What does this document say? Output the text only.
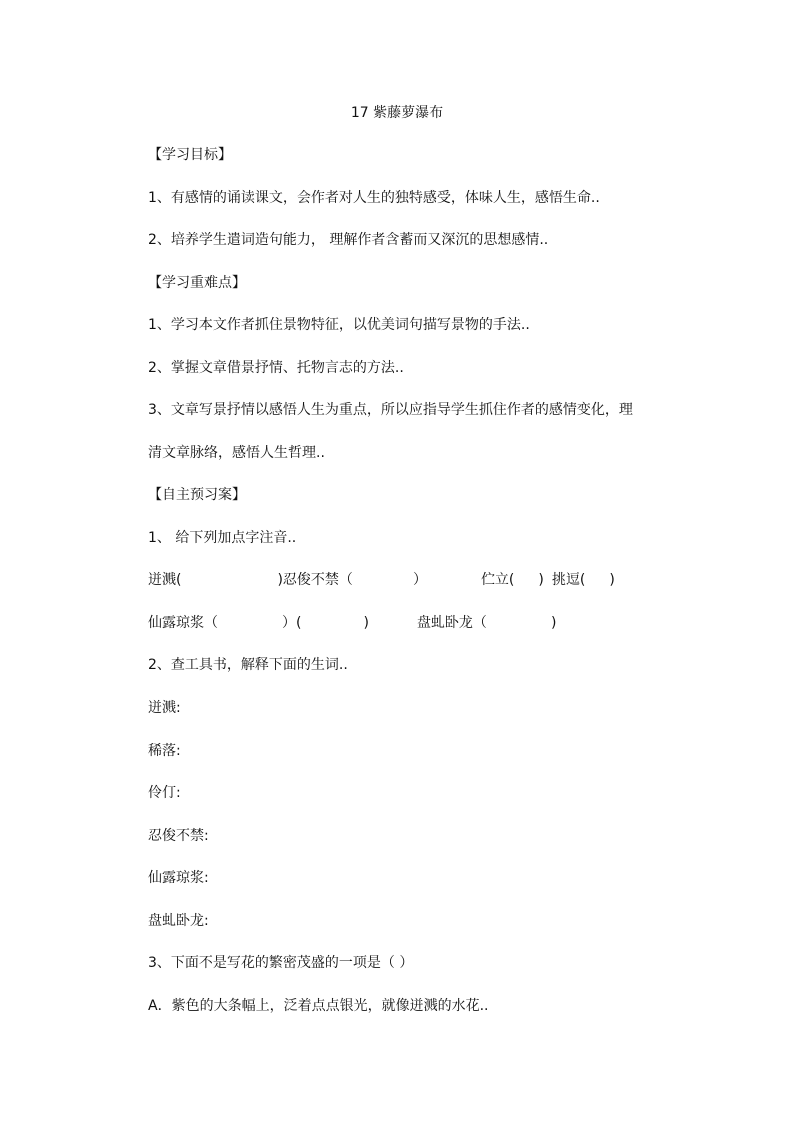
17 紫藤萝瀑布
【学习目标】
1、有感情的诵读课文，会作者对人生的独特感受，体味人生，感悟生命..
2、培养学生遣词造句能力， 理解作者含蓄而又深沉的思想感情..
【学习重难点】
1、学习本文作者抓住景物特征，以优美词句描写景物的手法..
2、掌握文章借景抒情、托物言志的方法..
3、文章写景抒情以感悟人生为重点，所以应指导学生抓住作者的感情变化，理
清文章脉络，感悟人生哲理..
【自主预习案】
1、 给下列加点字注音..
迸溅(	)忍俊不禁（	）	伫立( ) 挑逗( )
仙露琼浆（	）(	)	盘虬卧龙（	)
2、查工具书，解释下面的生词..
迸溅:
稀落:
伶仃:
忍俊不禁:
仙露琼浆:
盘虬卧龙:
3、下面不是写花的繁密茂盛的一项是（ ）
A．紫色的大条幅上，泛着点点银光，就像迸溅的水花..
